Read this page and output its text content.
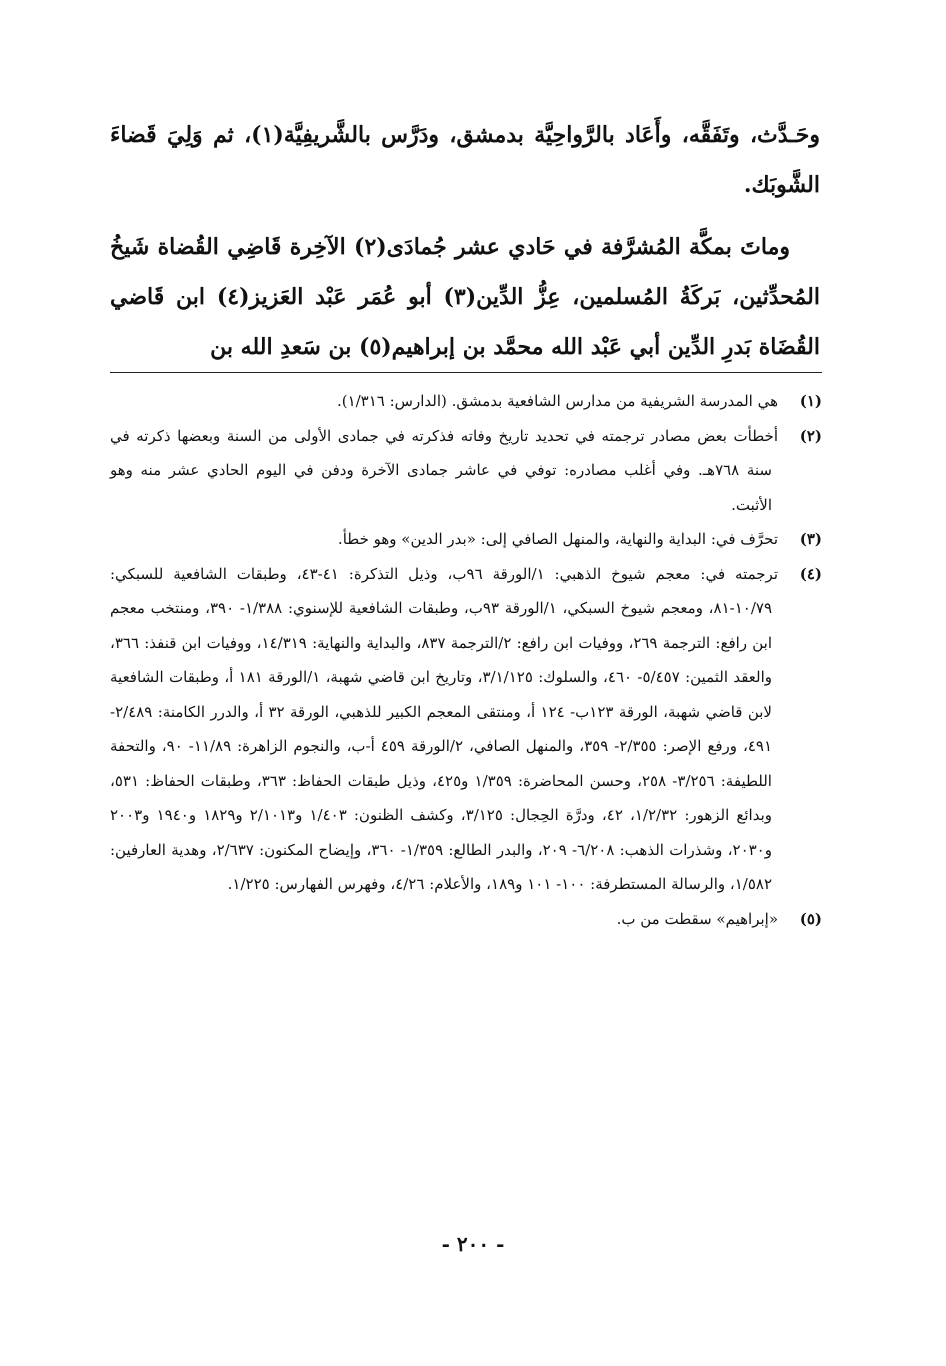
وحَـدَّث، وتَفَقَّه، وأَعَاد بالرَّواحِيَّة بدمشق، ودَرَّس بالشَّريفِيَّة(١)، ثم وَلِيَ قَضاءَ الشَّوبَك.

وماتَ بمكَّة المُشرَّفة في حَادي عشر جُمادَى(٢) الآخِرة قَاضِي القُضاة شَيخُ المُحدِّثين، بَركَةُ المُسلمين، عِزُّ الدِّين(٣) أبو عُمَر عَبْد العَزيز(٤) ابن قَاضي القُضَاة بَدرِ الدِّين أبي عَبْد الله محمَّد بن إبراهيم(٥) بن سَعدِ الله بن

(١)هي المدرسة الشريفية من مدارس الشافعية بدمشق. (الدارس: ١/٣١٦).

(٢)أخطأت بعض مصادر ترجمته في تحديد تاريخ وفاته فذكرته في جمادى الأولى من السنة وبعضها ذكرته في سنة ٧٦٨هـ. وفي أغلب مصادره: توفي في عاشر جمادى الآخرة ودفن في اليوم الحادي عشر منه وهو الأثبت.

(٣)تحرَّف في: البداية والنهاية، والمنهل الصافي إلى: «بدر الدين» وهو خطأ.

(٤)ترجمته في: معجم شيوخ الذهبي: ١/الورقة ٩٦ب، وذيل التذكرة: ٤١-٤٣، وطبقات الشافعية للسبكي: ١٠/٧٩-٨١، ومعجم شيوخ السبكي، ١/الورقة ٩٣ب، وطبقات الشافعية للإسنوي: ١/٣٨٨- ٣٩٠، ومنتخب معجم ابن رافع: الترجمة ٢٦٩، ووفيات ابن رافع: ٢/الترجمة ٨٣٧، والبداية والنهاية: ١٤/٣١٩، ووفيات ابن قنفذ: ٣٦٦، والعقد الثمين: ٥/٤٥٧- ٤٦٠، والسلوك: ٣/١/١٢٥، وتاريخ ابن قاضي شهبة، ١/الورقة ١٨١ أ، وطبقات الشافعية لابن قاضي شهبة، الورقة ١٢٣ب- ١٢٤ أ، ومنتقى المعجم الكبير للذهبي، الورقة ٣٢ أ، والدرر الكامنة: ٢/٤٨٩- ٤٩١، ورفع الإصر: ٢/٣٥٥- ٣٥٩، والمنهل الصافي، ٢/الورقة ٤٥٩ أ-ب، والنجوم الزاهرة: ١١/٨٩- ٩٠، والتحفة اللطيفة: ٣/٢٥٦- ٢٥٨، وحسن المحاضرة: ١/٣٥٩ و٤٢٥، وذيل طبقات الحفاظ: ٣٦٣، وطبقات الحفاظ: ٥٣١، وبدائع الزهور: ١/٢/٣٢، ٤٢، ودرَّة الحِجال: ٣/١٢٥، وكشف الظنون: ١/٤٠٣ و٢/١٠١٣ و١٨٢٩ و١٩٤٠ و٢٠٠٣ و٢٠٣٠، وشذرات الذهب: ٦/٢٠٨- ٢٠٩، والبدر الطالع: ١/٣٥٩- ٣٦٠، وإيضاح المكنون: ٢/٦٣٧، وهدية العارفين: ١/٥٨٢، والرسالة المستطرفة: ١٠٠- ١٠١ و١٨٩، والأعلام: ٤/٢٦، وفهرس الفهارس: ١/٢٢٥.

(٥)«إبراهيم» سقطت من ب.

- ٢٠٠ -
